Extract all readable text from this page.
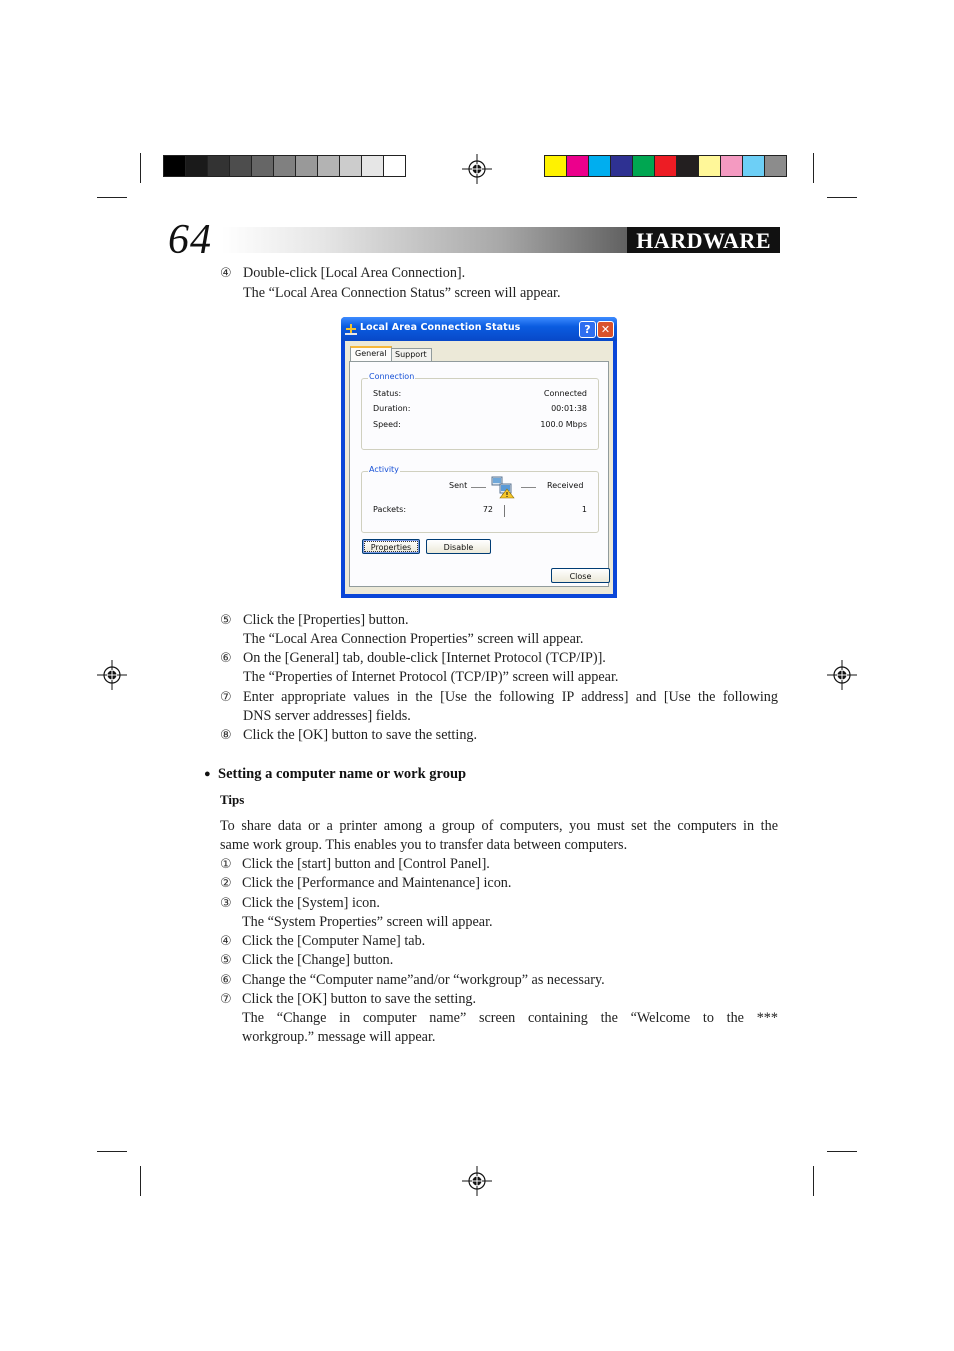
64	HARDWARE
④ Double-click [Local Area Connection].
The “Local Area Connection Status” screen will appear.
Local Area Connection Status	? ✕
General	Support
Connection
Status:	Connected
Duration:	00:01:38
Speed:	100.0 Mbps
Activity
Sent	Received
Packets:	72	1
Properties	Disable
Close
⑤ Click the [Properties] button.
The “Local Area Connection Properties” screen will appear.
⑥ On the [General] tab, double-click [Internet Protocol (TCP/IP)].
The “Properties of Internet Protocol (TCP/IP)” screen will appear.
⑦ Enter appropriate values in the [Use the following IP address] and [Use the following
DNS server addresses] fields.
⑧ Click the [OK] button to save the setting.
● Setting a computer name or work group
Tips
To share data or a printer among a group of computers, you must set the computers in the
same work group. This enables you to transfer data between computers.
① Click the [start] button and [Control Panel].
② Click the [Performance and Maintenance] icon.
③ Click the [System] icon.
The “System Properties” screen will appear.
④ Click the [Computer Name] tab.
⑤ Click the [Change] button.
⑥ Change the “Computer name”and/or “workgroup” as necessary.
⑦ Click the [OK] button to save the setting.
The “Change in computer name” screen containing the “Welcome to the ***
workgroup.” message will appear.
